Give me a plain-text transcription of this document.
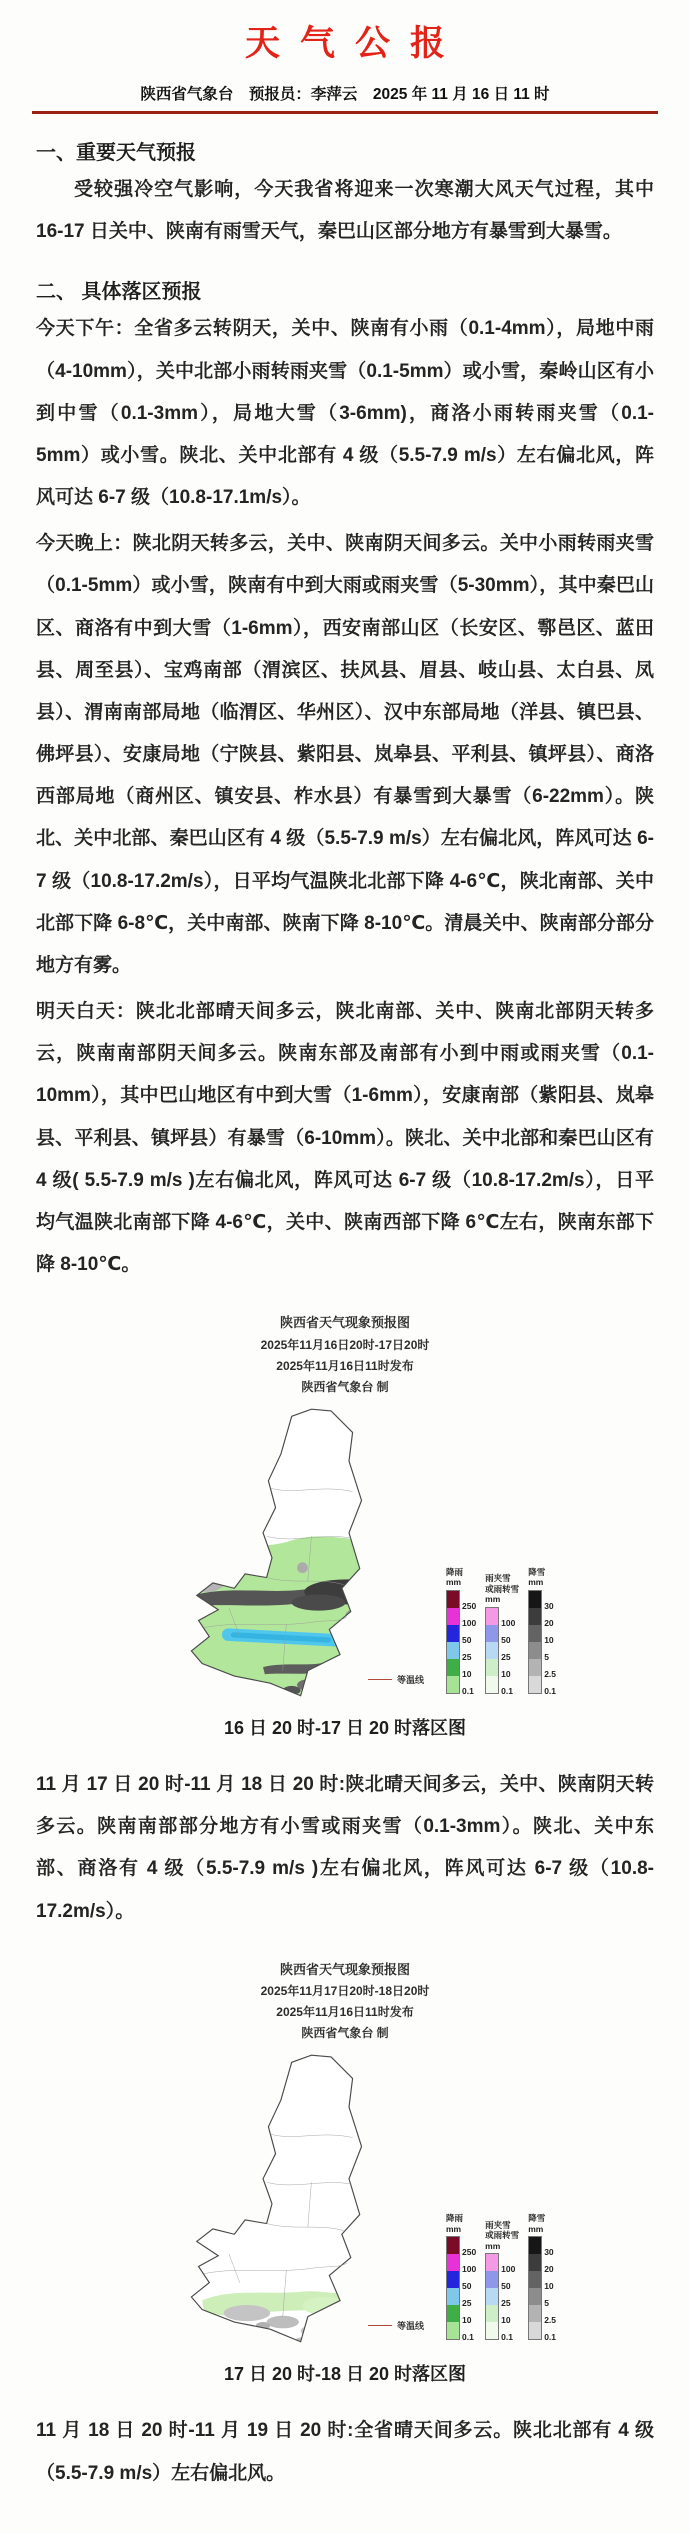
天气公报
陕西省气象台　预报员：李萍云　2025 年 11 月 16 日 11 时
一、重要天气预报

受较强冷空气影响，今天我省将迎来一次寒潮大风天气过程，其中 16-17 日关中、陕南有雨雪天气，秦巴山区部分地方有暴雪到大暴雪。

二、 具体落区预报

今天下午：全省多云转阴天，关中、陕南有小雨（0.1-4mm），局地中雨（4-10mm），关中北部小雨转雨夹雪（0.1-5mm）或小雪，秦岭山区有小到中雪（0.1-3mm），局地大雪（3-6mm)，商洛小雨转雨夹雪（0.1-5mm）或小雪。陕北、关中北部有 4 级（5.5-7.9 m/s）左右偏北风，阵风可达 6-7 级（10.8-17.1m/s）。

今天晚上：陕北阴天转多云，关中、陕南阴天间多云。关中小雨转雨夹雪（0.1-5mm）或小雪，陕南有中到大雨或雨夹雪（5-30mm），其中秦巴山区、商洛有中到大雪（1-6mm），西安南部山区（长安区、鄠邑区、蓝田县、周至县）、宝鸡南部（渭滨区、扶风县、眉县、岐山县、太白县、凤县）、渭南南部局地（临渭区、华州区）、汉中东部局地（洋县、镇巴县、佛坪县）、安康局地（宁陕县、紫阳县、岚皋县、平利县、镇坪县）、商洛西部局地（商州区、镇安县、柞水县）有暴雪到大暴雪（6-22mm）。陕北、关中北部、秦巴山区有 4 级（5.5-7.9 m/s）左右偏北风，阵风可达 6-7 级（10.8-17.2m/s），日平均气温陕北北部下降 4-6℃，陕北南部、关中北部下降 6-8℃，关中南部、陕南下降 8-10℃。清晨关中、陕南部分部分地方有雾。

明天白天：陕北北部晴天间多云，陕北南部、关中、陕南北部阴天转多云，陕南南部阴天间多云。陕南东部及南部有小到中雨或雨夹雪（0.1-10mm），其中巴山地区有中到大雪（1-6mm），安康南部（紫阳县、岚皋县、平利县、镇坪县）有暴雪（6-10mm）。陕北、关中北部和秦巴山区有 4 级( 5.5-7.9 m/s )左右偏北风，阵风可达 6-7 级（10.8-17.2m/s），日平均气温陕北南部下降 4-6℃，关中、陕南西部下降 6℃左右，陕南东部下降 8-10℃。

陕西省天气现象预报图
2025年11月16日20时-17日20时
2025年11月16日11时发布
陕西省气象台 制
降雨
mm
250
100
50
25
10
0.1
雨夹雪
或雨转雪
mm
100
50
25
10
0.1
降雪
mm
30
20
10
5
2.5
0.1
等温线
16 日 20 时-17 日 20 时落区图

11 月 17 日 20 时-11 月 18 日 20 时:陕北晴天间多云，关中、陕南阴天转多云。陕南南部部分地方有小雪或雨夹雪（0.1-3mm）。陕北、关中东部、商洛有 4 级（5.5-7.9 m/s )左右偏北风，阵风可达 6-7 级（10.8-17.2m/s）。

陕西省天气现象预报图
2025年11月17日20时-18日20时
2025年11月16日11时发布
陕西省气象台 制
降雨
mm
250
100
50
25
10
0.1
雨夹雪
或雨转雪
mm
100
50
25
10
0.1
降雪
mm
30
20
10
5
2.5
0.1
等温线
17 日 20 时-18 日 20 时落区图

11 月 18 日 20 时-11 月 19 日 20 时:全省晴天间多云。陕北北部有 4 级（5.5-7.9 m/s）左右偏北风。
